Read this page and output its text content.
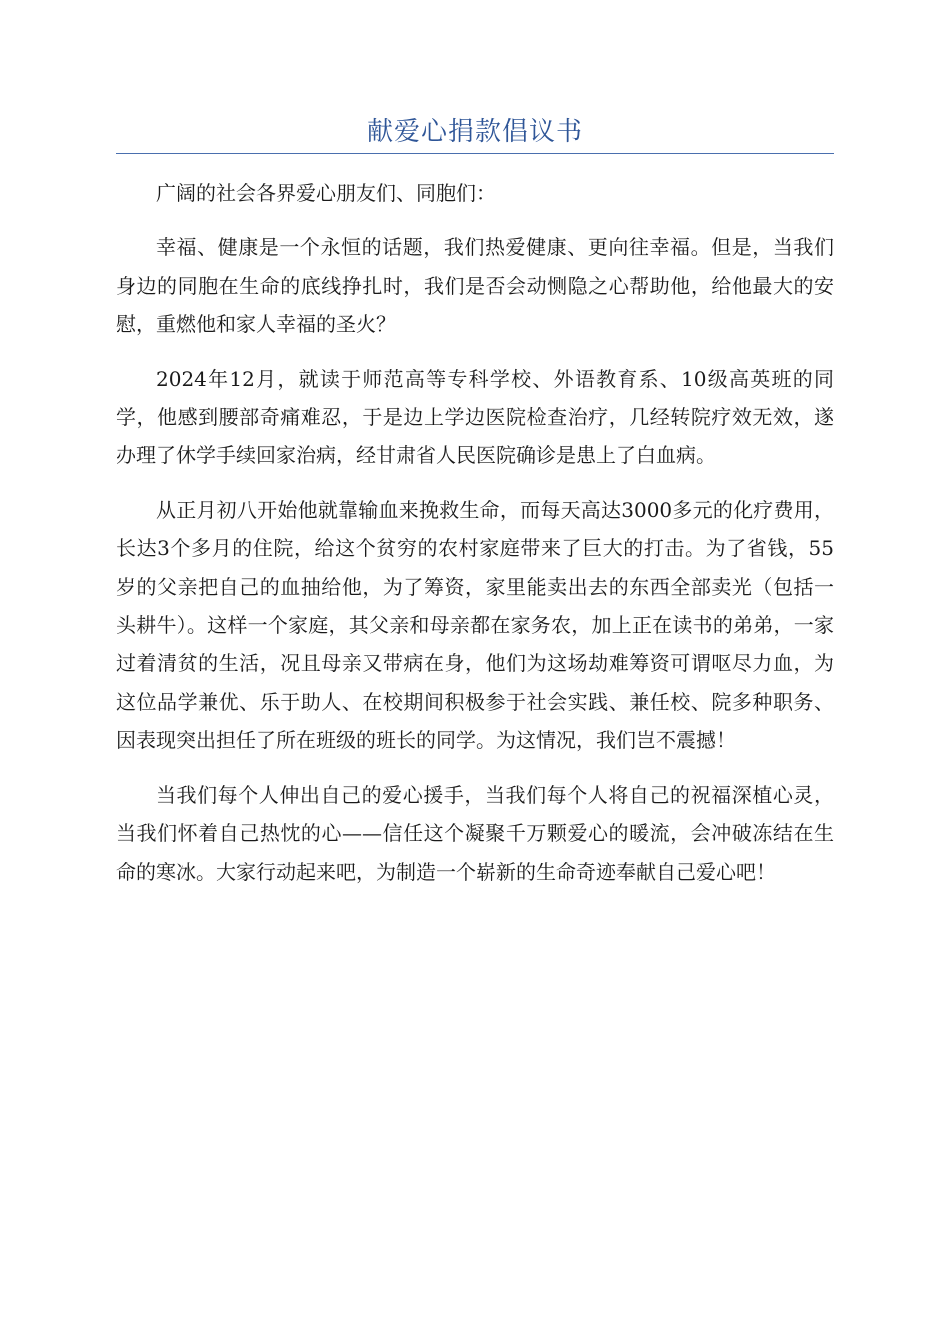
献爱心捐款倡议书

广阔的社会各界爱心朋友们、同胞们：

幸福、健康是一个永恒的话题，我们热爱健康、更向往幸福。但是，当我们身边的同胞在生命的底线挣扎时，我们是否会动恻隐之心帮助他，给他最大的安慰，重燃他和家人幸福的圣火？

2024年12月，就读于师范高等专科学校、外语教育系、10级高英班的同学，他感到腰部奇痛难忍，于是边上学边医院检查治疗，几经转院疗效无效，遂办理了休学手续回家治病，经甘肃省人民医院确诊是患上了白血病。

从正月初八开始他就靠输血来挽救生命，而每天高达3000多元的化疗费用，长达3个多月的住院，给这个贫穷的农村家庭带来了巨大的打击。为了省钱，55岁的父亲把自己的血抽给他，为了筹资，家里能卖出去的东西全部卖光（包括一头耕牛）。这样一个家庭，其父亲和母亲都在家务农，加上正在读书的弟弟，一家过着清贫的生活，况且母亲又带病在身，他们为这场劫难筹资可谓呕尽力血，为这位品学兼优、乐于助人、在校期间积极参于社会实践、兼任校、院多种职务、因表现突出担任了所在班级的班长的同学。为这情况，我们岂不震撼！

当我们每个人伸出自己的爱心援手，当我们每个人将自己的祝福深植心灵，当我们怀着自己热忱的心——信任这个凝聚千万颗爱心的暖流，会冲破冻结在生命的寒冰。大家行动起来吧，为制造一个崭新的生命奇迹奉献自己爱心吧！
